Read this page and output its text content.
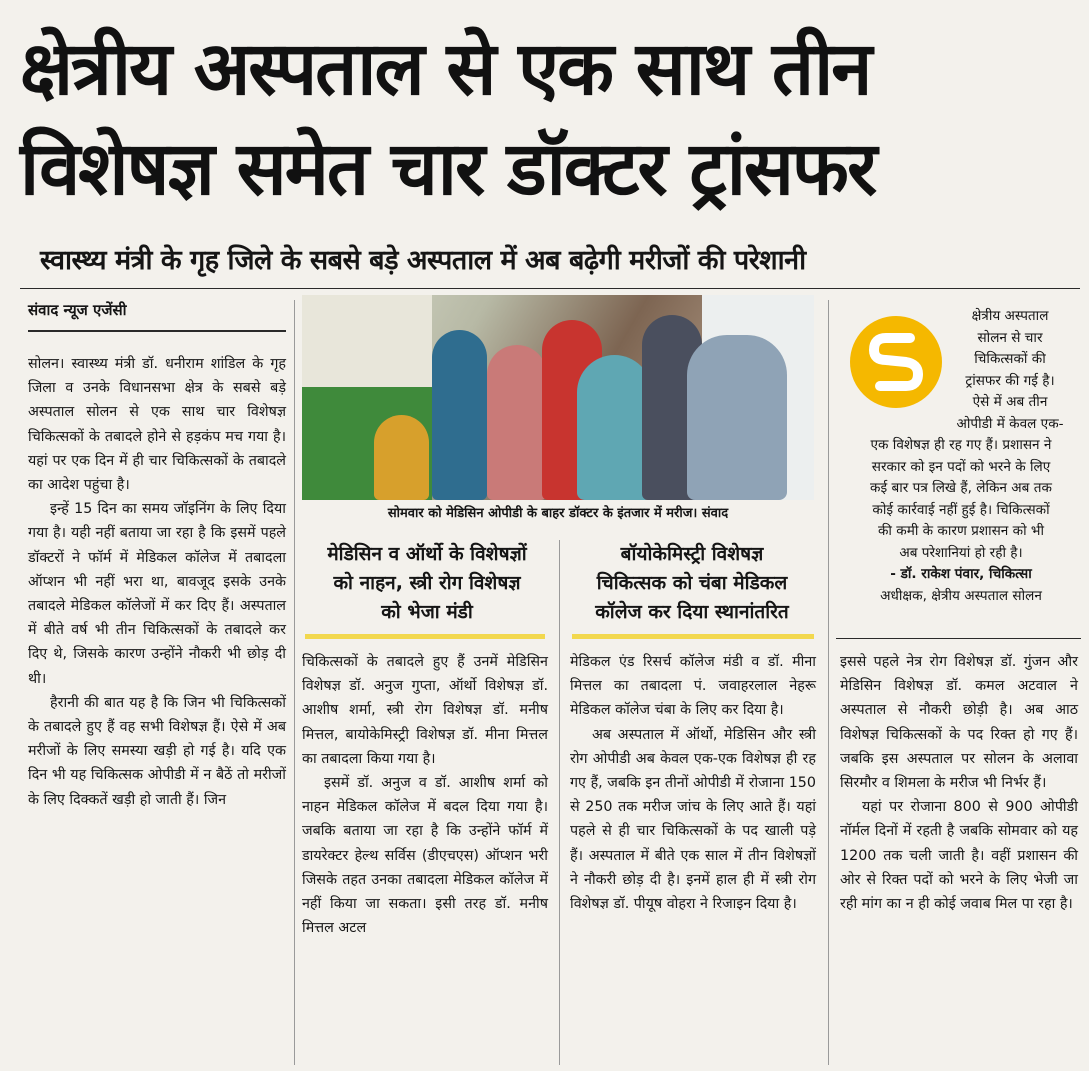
क्षेत्रीय अस्पताल से एक साथ तीन
विशेषज्ञ समेत चार डॉक्टर ट्रांसफर
स्वास्थ्य मंत्री के गृह जिले के सबसे बड़े अस्पताल में अब बढ़ेगी मरीजों की परेशानी
संवाद न्यूज एजेंसी

सोलन। स्वास्थ्य मंत्री डॉ. धनीराम शांडिल के गृह जिला व उनके विधानसभा क्षेत्र के सबसे बड़े अस्पताल सोलन से एक साथ चार विशेषज्ञ चिकित्सकों के तबादले होने से हड़कंप मच गया है। यहां पर एक दिन में ही चार चिकित्सकों के तबादले का आदेश पहुंचा है।

इन्हें 15 दिन का समय जॉइनिंग के लिए दिया गया है। यही नहीं बताया जा रहा है कि इसमें पहले डॉक्टरों ने फॉर्म में मेडिकल कॉलेज में तबादला ऑप्शन भी नहीं भरा था, बावजूद इसके उनके तबादले मेडिकल कॉलेजों में कर दिए हैं। अस्पताल में बीते वर्ष भी तीन चिकित्सकों के तबादले कर दिए थे, जिसके कारण उन्होंने नौकरी भी छोड़ दी थी।

हैरानी की बात यह है कि जिन भी चिकित्सकों के तबादले हुए हैं वह सभी विशेषज्ञ हैं। ऐसे में अब मरीजों के लिए समस्या खड़ी हो गई है। यदि एक दिन भी यह चिकित्सक ओपीडी में न बैठें तो मरीजों के लिए दिक्कतें खड़ी हो जाती हैं। जिन

सोमवार को मेडिसिन ओपीडी के बाहर डॉक्टर के इंतजार में मरीज। संवाद
मेडिसिन व ऑर्थो के विशेषज्ञों
को नाहन, स्त्री रोग विशेषज्ञ
को भेजा मंडी
बॉयोकेमिस्ट्री विशेषज्ञ
चिकित्सक को चंबा मेडिकल
कॉलेज कर दिया स्थानांतरित

चिकित्सकों के तबादले हुए हैं उनमें मेडिसिन विशेषज्ञ डॉ. अनुज गुप्ता, ऑर्थो विशेषज्ञ डॉ. आशीष शर्मा, स्त्री रोग विशेषज्ञ डॉ. मनीष मित्तल, बायोकेमिस्ट्री विशेषज्ञ डॉ. मीना मित्तल का तबादला किया गया है।

इसमें डॉ. अनुज व डॉ. आशीष शर्मा को नाहन मेडिकल कॉलेज में बदल दिया गया है। जबकि बताया जा रहा है कि उन्होंने फॉर्म में डायरेक्टर हेल्थ सर्विस (डीएचएस) ऑप्शन भरी जिसके तहत उनका तबादला मेडिकल कॉलेज में नहीं किया जा सकता। इसी तरह डॉ. मनीष मित्तल अटल

मेडिकल एंड रिसर्च कॉलेज मंडी व डॉ. मीना मित्तल का तबादला पं. जवाहरलाल नेहरू मेडिकल कॉलेज चंबा के लिए कर दिया है।

अब अस्पताल में ऑर्थो, मेडिसिन और स्त्री रोग ओपीडी अब केवल एक-एक विशेषज्ञ ही रह गए हैं, जबकि इन तीनों ओपीडी में रोजाना 150 से 250 तक मरीज जांच के लिए आते हैं। यहां पहले से ही चार चिकित्सकों के पद खाली पड़े हैं। अस्पताल में बीते एक साल में तीन विशेषज्ञों ने नौकरी छोड़ दी है। इनमें हाल ही में स्त्री रोग विशेषज्ञ डॉ. पीयूष वोहरा ने रिजाइन दिया है।

क्षेत्रीय अस्पताल
सोलन से चार
चिकित्सकों की
ट्रांसफर की गई है।
ऐसे में अब तीन
ओपीडी में केवल एक-
एक विशेषज्ञ ही रह गए हैं। प्रशासन ने
सरकार को इन पदों को भरने के लिए
कई बार पत्र लिखे हैं, लेकिन अब तक
कोई कार्रवाई नहीं हुई है। चिकित्सकों
की कमी के कारण प्रशासन को भी
अब परेशानियां हो रही है।
- डॉ. राकेश पंवार, चिकित्सा
अधीक्षक, क्षेत्रीय अस्पताल सोलन

इससे पहले नेत्र रोग विशेषज्ञ डॉ. गुंजन और मेडिसिन विशेषज्ञ डॉ. कमल अटवाल ने अस्पताल से नौकरी छोड़ी है। अब आठ विशेषज्ञ चिकित्सकों के पद रिक्त हो गए हैं। जबकि इस अस्पताल पर सोलन के अलावा सिरमौर व शिमला के मरीज भी निर्भर हैं।

यहां पर रोजाना 800 से 900 ओपीडी नॉर्मल दिनों में रहती है जबकि सोमवार को यह 1200 तक चली जाती है। वहीं प्रशासन की ओर से रिक्त पदों को भरने के लिए भेजी जा रही मांग का न ही कोई जवाब मिल पा रहा है।
